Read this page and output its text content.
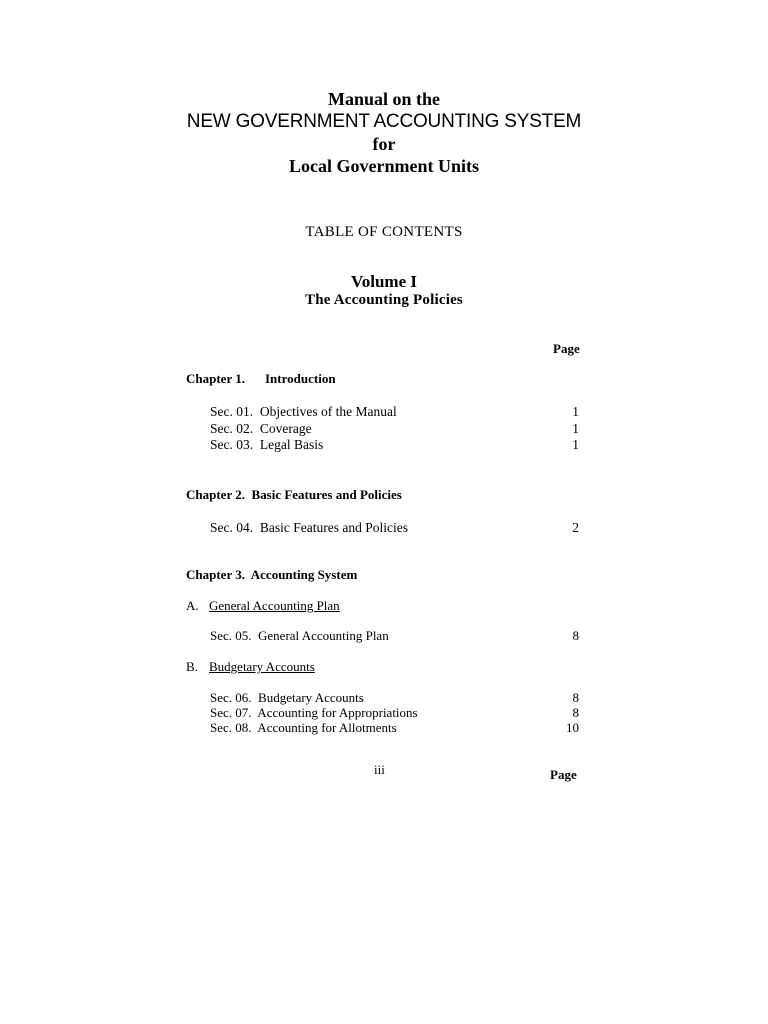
Manual on the
NEW GOVERNMENT ACCOUNTING SYSTEM
for
Local Government Units
TABLE OF CONTENTS
Volume I
The Accounting Policies
Page
Chapter 1. Introduction
Sec. 01.  Objectives of the Manual	1
Sec. 02.  Coverage	1
Sec. 03.  Legal Basis	1
Chapter 2.  Basic Features and Policies
Sec. 04.  Basic Features and Policies	2
Chapter 3.  Accounting System
A. General Accounting Plan
Sec. 05.  General Accounting Plan	8
B. Budgetary Accounts
Sec. 06.  Budgetary Accounts	8
Sec. 07.  Accounting for Appropriations	8
Sec. 08.  Accounting for Allotments	10
iii	Page
